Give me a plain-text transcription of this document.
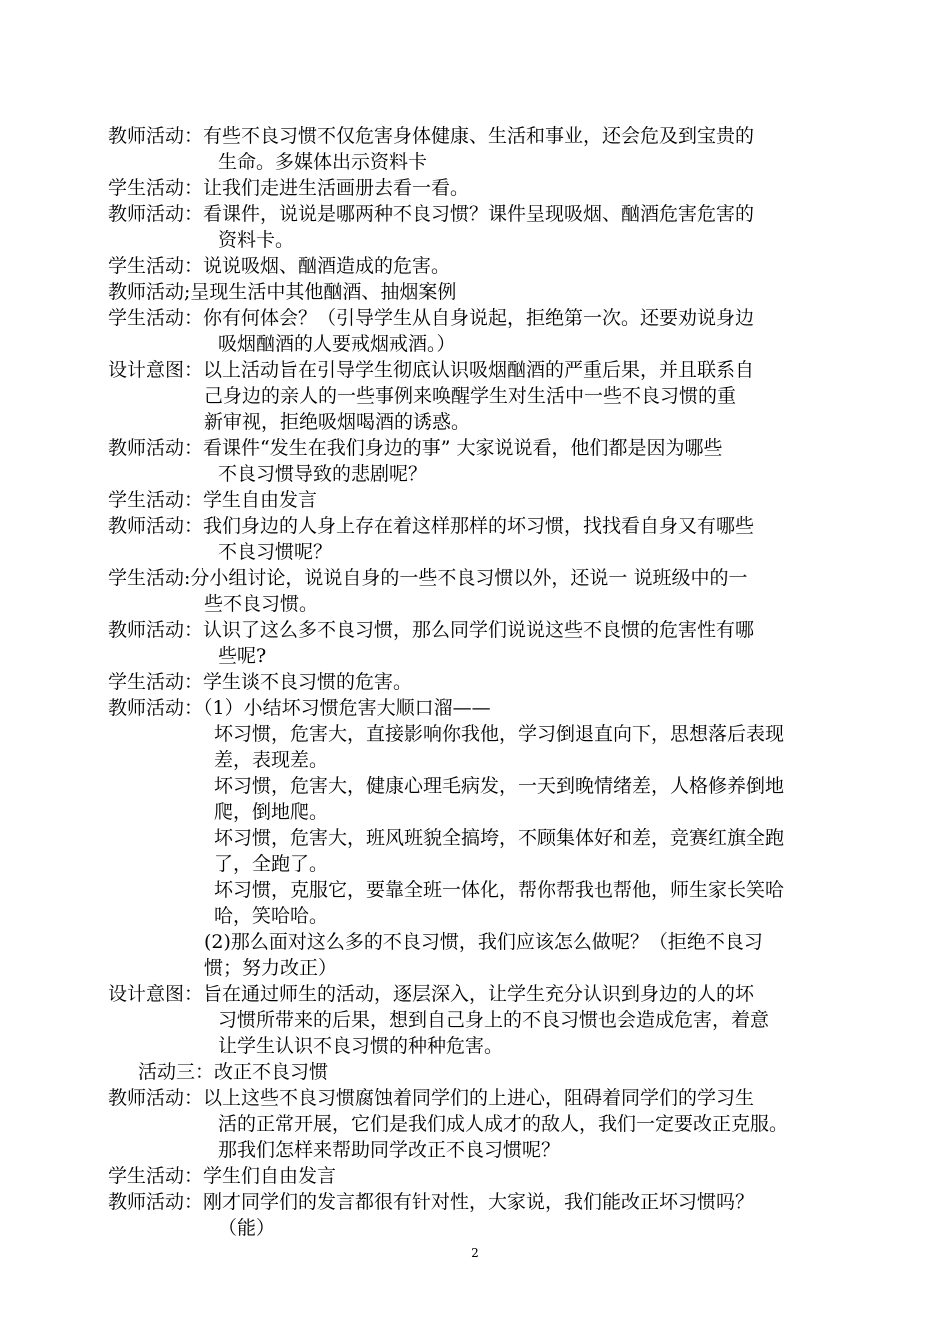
教师活动：有些不良习惯不仅危害身体健康、生活和事业，还会危及到宝贵的
生命。多媒体出示资料卡
学生活动：让我们走进生活画册去看一看。
教师活动：看课件，说说是哪两种不良习惯？课件呈现吸烟、酗酒危害危害的
资料卡。
学生活动：说说吸烟、酗酒造成的危害。
教师活动;呈现生活中其他酗酒、抽烟案例
学生活动：你有何体会？（引导学生从自身说起，拒绝第一次。还要劝说身边
吸烟酗酒的人要戒烟戒酒。）
设计意图：以上活动旨在引导学生彻底认识吸烟酗酒的严重后果，并且联系自
己身边的亲人的一些事例来唤醒学生对生活中一些不良习惯的重
新审视，拒绝吸烟喝酒的诱惑。
教师活动：看课件“发生在我们身边的事” 大家说说看，他们都是因为哪些
不良习惯导致的悲剧呢？
学生活动：学生自由发言
教师活动：我们身边的人身上存在着这样那样的坏习惯，找找看自身又有哪些
不良习惯呢？
学生活动:分小组讨论，说说自身的一些不良习惯以外，还说一 说班级中的一
些不良习惯。
教师活动：认识了这么多不良习惯，那么同学们说说这些不良惯的危害性有哪
些呢?
学生活动：学生谈不良习惯的危害。
教师活动：（1）小结坏习惯危害大顺口溜——
坏习惯，危害大，直接影响你我他，学习倒退直向下，思想落后表现
差，表现差。
坏习惯，危害大，健康心理毛病发，一天到晚情绪差，人格修养倒地
爬，倒地爬。
坏习惯，危害大，班风班貌全搞垮，不顾集体好和差，竞赛红旗全跑
了，全跑了。
坏习惯，克服它，要靠全班一体化，帮你帮我也帮他，师生家长笑哈
哈，笑哈哈。
(2)那么面对这么多的不良习惯，我们应该怎么做呢？（拒绝不良习
惯；努力改正）
设计意图：旨在通过师生的活动，逐层深入，让学生充分认识到身边的人的坏
习惯所带来的后果，想到自己身上的不良习惯也会造成危害，着意
让学生认识不良习惯的种种危害。
活动三：改正不良习惯
教师活动：以上这些不良习惯腐蚀着同学们的上进心，阻碍着同学们的学习生
活的正常开展，它们是我们成人成才的敌人，我们一定要改正克服。
那我们怎样来帮助同学改正不良习惯呢？
学生活动：学生们自由发言
教师活动：刚才同学们的发言都很有针对性，大家说，我们能改正坏习惯吗？
（能）
2
